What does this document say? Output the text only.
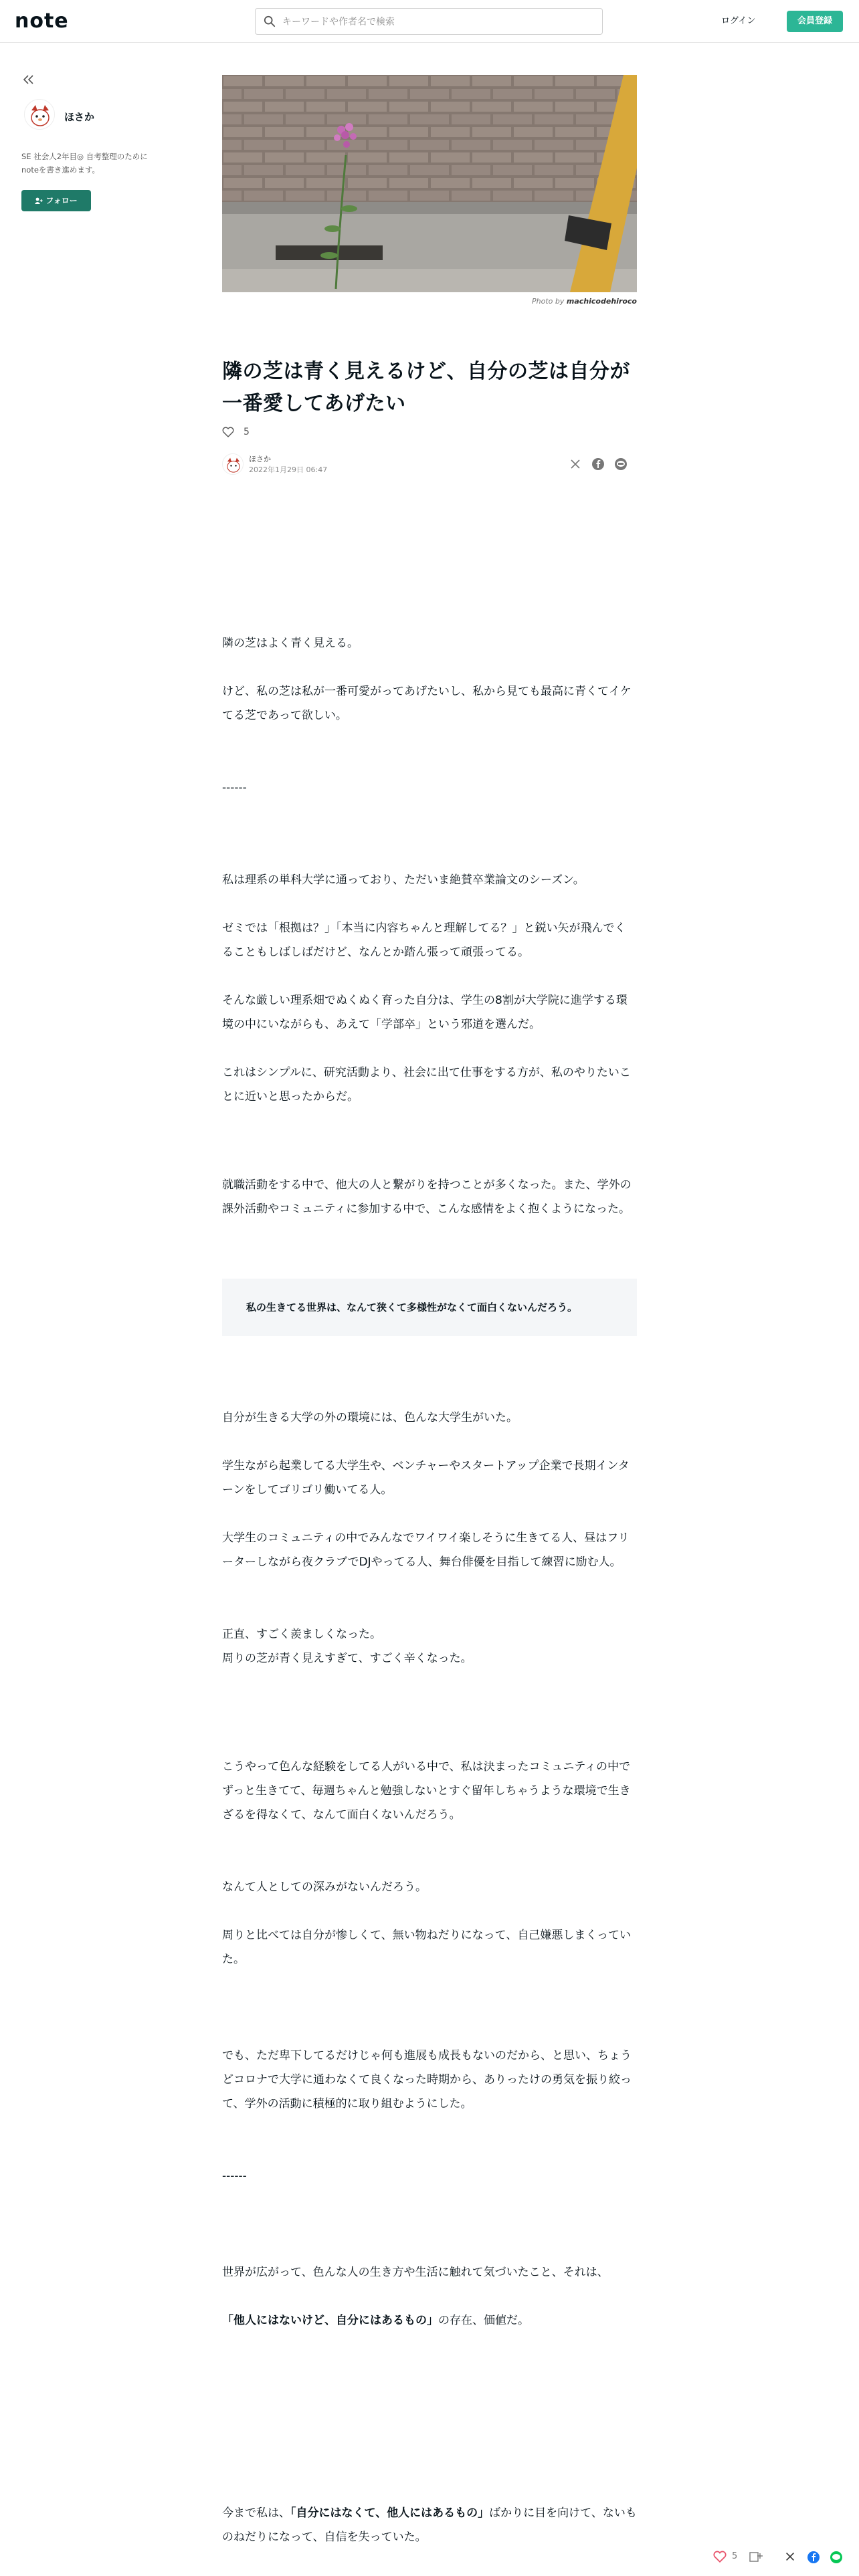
note
キーワードや作者名で検索	ログイン	会員登録
ほさか
SE 社会人2年目◎ 自考整理のためにnoteを書き進めます。
フォロー
Photo by machicodehiroco
隣の芝は青く見えるけど、自分の芝は自分が一番愛してあげたい
5
ほさか
2022年1月29日 06:47

隣の芝はよく青く見える。

けど、私の芝は私が一番可愛がってあげたいし、私から見ても最高に青くてイケてる芝であって欲しい。

------

私は理系の単科大学に通っており、ただいま絶賛卒業論文のシーズン。

ゼミでは「根拠は？」「本当に内容ちゃんと理解してる？」と鋭い矢が飛んでくることもしばしばだけど、なんとか踏ん張って頑張ってる。

そんな厳しい理系畑でぬくぬく育った自分は、学生の8割が大学院に進学する環境の中にいながらも、あえて「学部卒」という邪道を選んだ。

これはシンプルに、研究活動より、社会に出て仕事をする方が、私のやりたいことに近いと思ったからだ。

就職活動をする中で、他大の人と繋がりを持つことが多くなった。また、学外の課外活動やコミュニティに参加する中で、こんな感情をよく抱くようになった。

私の生きてる世界は、なんて狭くて多様性がなくて面白くないんだろう。

自分が生きる大学の外の環境には、色んな大学生がいた。

学生ながら起業してる大学生や、ベンチャーやスタートアップ企業で長期インターンをしてゴリゴリ働いてる人。

大学生のコミュニティの中でみんなでワイワイ楽しそうに生きてる人、昼はフリーターしながら夜クラブでDJやってる人、舞台俳優を目指して練習に励む人。

正直、すごく羨ましくなった。

周りの芝が青く見えすぎて、すごく辛くなった。

こうやって色んな経験をしてる人がいる中で、私は決まったコミュニティの中でずっと生きてて、毎週ちゃんと勉強しないとすぐ留年しちゃうような環境で生きざるを得なくて、なんて面白くないんだろう。

なんて人としての深みがないんだろう。

周りと比べては自分が惨しくて、無い物ねだりになって、自己嫌悪しまくっていた。

でも、ただ卑下してるだけじゃ何も進展も成長もないのだから、と思い、ちょうどコロナで大学に通わなくて良くなった時期から、ありったけの勇気を振り絞って、学外の活動に積極的に取り組むようにした。

------

世界が広がって、色んな人の生き方や生活に触れて気づいたこと、それは、

「他人にはないけど、自分にはあるもの」の存在、価値だ。

今まで私は、「自分にはなくて、他人にはあるもの」ばかりに目を向けて、ないものねだりになって、自信を失っていた。

5
